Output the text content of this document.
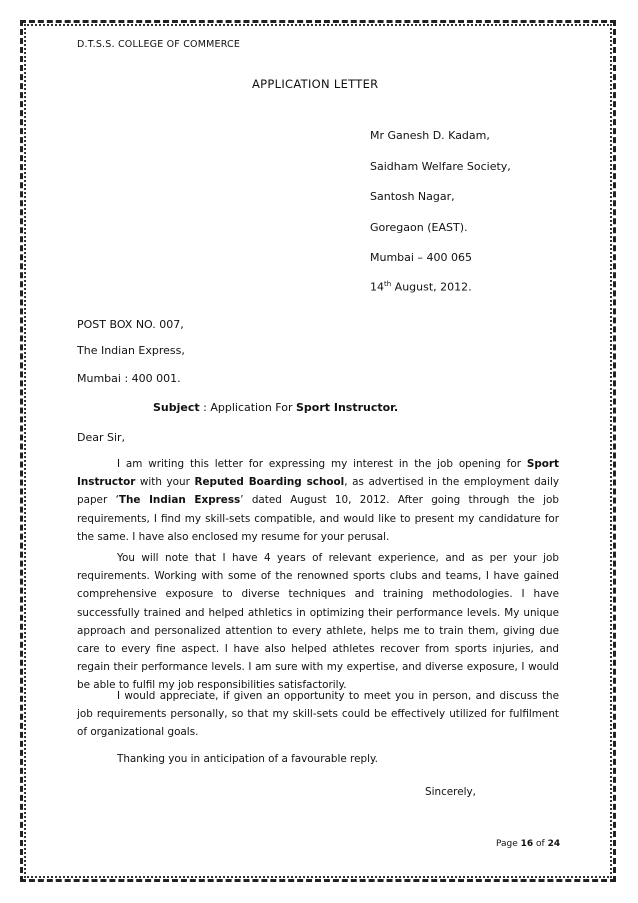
D.T.S.S. COLLEGE OF COMMERCE
APPLICATION LETTER
Mr Ganesh D. Kadam,
Saidham Welfare Society,
Santosh Nagar,
Goregaon (EAST).
Mumbai – 400 065
14th August, 2012.
POST BOX NO. 007,
The Indian Express,
Mumbai : 400 001.
Subject : Application For Sport Instructor.
Dear Sir,

I am writing this letter for expressing my interest in the job opening for Sport Instructor with your Reputed Boarding school, as advertised in the employment daily paper ‘The Indian Express’ dated August 10, 2012. After going through the job requirements, I find my skill-sets compatible, and would like to present my candidature for the same. I have also enclosed my resume for your perusal.

You will note that I have 4 years of relevant experience, and as per your job requirements. Working with some of the renowned sports clubs and teams, I have gained comprehensive exposure to diverse techniques and training methodologies. I have successfully trained and helped athletics in optimizing their performance levels. My unique approach and personalized attention to every athlete, helps me to train them, giving due care to every fine aspect. I have also helped athletes recover from sports injuries, and regain their performance levels. I am sure with my expertise, and diverse exposure, I would be able to fulfil my job responsibilities satisfactorily.

I would appreciate, if given an opportunity to meet you in person, and discuss the job requirements personally, so that my skill-sets could be effectively utilized for fulfilment of organizational goals.

Thanking you in anticipation of a favourable reply.
Sincerely,
Page 16 of 24
